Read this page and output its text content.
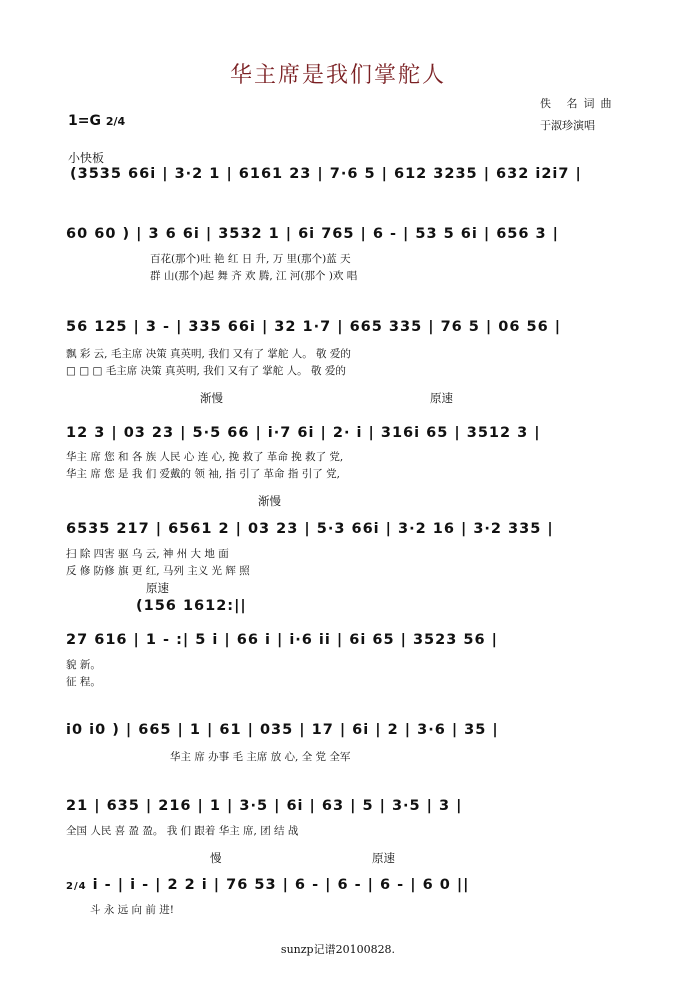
华主席是我们掌舵人
佚 名词曲
于淑珍演唱
1=G 2/4
小快板
(3535 66i | 3·2 1 | 6161 23 | 7·6 5 | 612 3235 | 632 i2i7 |
60 60 ) | 3 6 6i | 3532 1 | 6i 765 | 6 - | 53 5 6i | 656 3 |
百花(那个)吐 艳 红 日 升, 万 里(那个)蓝 天
群 山(那个)起 舞 齐 欢 腾, 江 河(那个 )欢 唱
56 125 | 3 - | 335 66i | 32 1·7 | 665 335 | 76 5 | 06 56 |
飘 彩 云, 毛主席 决策 真英明, 我们 又有了 掌舵 人。 敬 爱的
□ □ □ 毛主席 决策 真英明, 我们 又有了 掌舵 人。 敬 爱的
渐慢	原速
12 3 | 03 23 | 5·5 66 | i·7 6i | 2· i | 316i 65 | 3512 3 |
华主 席 您 和 各 族 人民 心 连 心, 挽 救了 革命 挽 救了 党,
华主 席 您 是 我 们 爱戴的 领 袖, 指 引了 革命 指 引了 党,
渐慢
6535 217 | 6561 2 | 03 23 | 5·3 66i | 3·2 16 | 3·2 335 |
扫 除 四害 驱 乌 云, 神 州 大 地 面
反 修 防修 旗 更 红, 马列 主义 光 辉 照
原速
(156 1612:||
27 616 | 1 - :| 5 i | 66 i | i·6 ii | 6i 65 | 3523 56 |
貌 新。
征 程。
i0 i0 ) | 665 | 1 | 61 | 035 | 17 | 6i | 2 | 3·6 | 35 |
华主 席 办事 毛 主席 放 心, 全 党 全军
21 | 635 | 216 | 1 | 3·5 | 6i | 63 | 5 | 3·5 | 3 |
全国 人民 喜 盈 盈。 我 们 跟着 华主 席, 团 结 战
慢	原速
2/4 i - | i - | 2 2 i | 76 53 | 6 - | 6 - | 6 - | 6 0 ||
斗 永 远 向 前 进!
sunzp记谱20100828.
